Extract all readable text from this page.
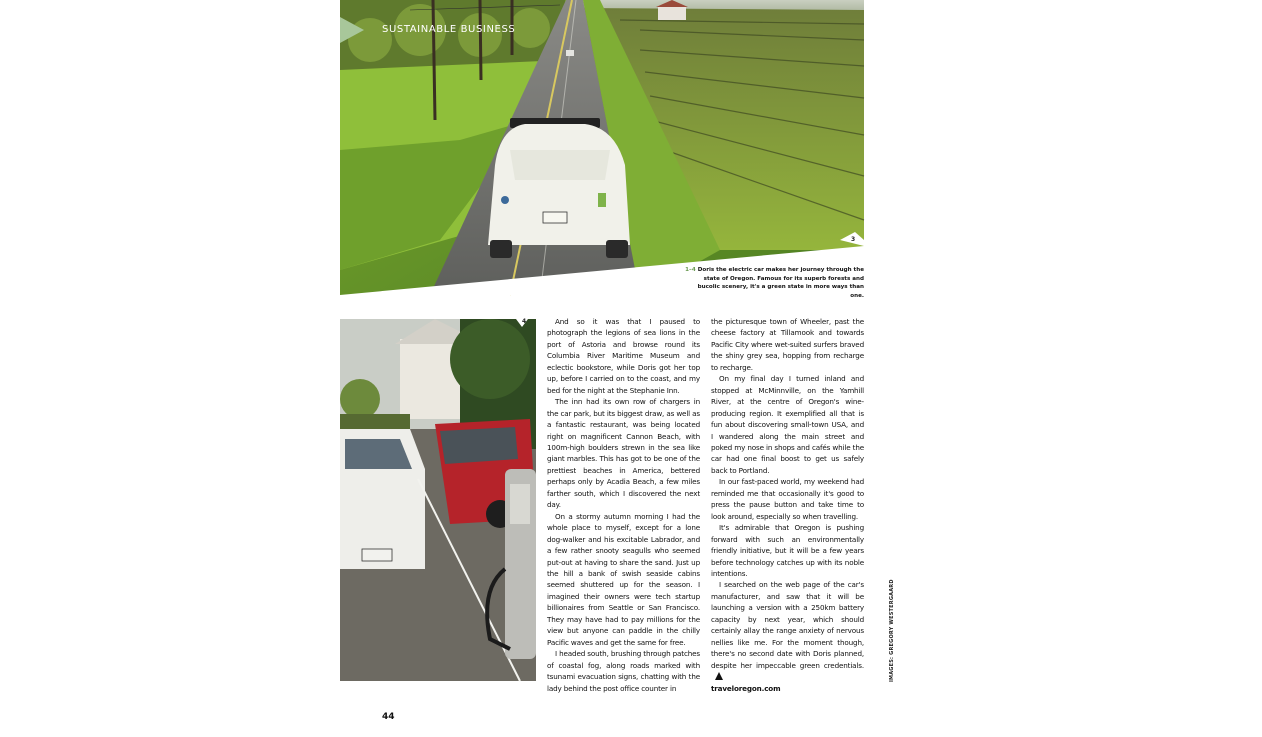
SUSTAINABLE BUSINESS
3
1–4 Doris the electric car makes her journey through the state of Oregon. Famous for its superb forests and bucolic scenery, it's a green state in more ways than one.
4	And so it was that I paused to photograph the legions of sea lions in the port of Astoria and browse round its Columbia River Maritime Museum and eclectic bookstore, while Doris got her top up, before I carried on to the coast, and my bed for the night at the Stephanie Inn.

The inn had its own row of chargers in the car park, but its biggest draw, as well as a fantastic restaurant, was being located right on magnificent Cannon Beach, with 100m-high boulders strewn in the sea like giant marbles. This has got to be one of the prettiest beaches in America, bettered perhaps only by Acadia Beach, a few miles farther south, which I discovered the next day.

On a stormy autumn morning I had the whole place to myself, except for a lone dog-walker and his excitable Labrador, and a few rather snooty seagulls who seemed put-out at having to share the sand. Just up the hill a bank of swish seaside cabins seemed shuttered up for the season. I imagined their owners were tech startup billionaires from Seattle or San Francisco. They may have had to pay millions for the view but anyone can paddle in the chilly Pacific waves and get the same for free.

I headed south, brushing through patches of coastal fog, along roads marked with tsunami evacuation signs, chatting with the lady behind the post office counter in

the picturesque town of Wheeler, past the cheese factory at Tillamook and towards Pacific City where wet-suited surfers braved the shiny grey sea, hopping from recharge to recharge.

On my final day I turned inland and stopped at McMinnville, on the Yamhill River, at the centre of Oregon's wine-producing region. It exemplified all that is fun about discovering small-town USA, and I wandered along the main street and poked my nose in shops and cafés while the car had one final boost to get us safely back to Portland.

In our fast-paced world, my weekend had reminded me that occasionally it's good to press the pause button and take time to look around, especially so when travelling.

It's admirable that Oregon is pushing forward with such an environmentally friendly initiative, but it will be a few years before technology catches up with its noble intentions.

I searched on the web page of the car's manufacturer, and saw that it will be launching a version with a 250km battery capacity by next year, which should certainly allay the range anxiety of nervous nellies like me. For the moment though, there's no second date with Doris planned, despite her impeccable green credentials.

traveloregon.com

IMAGES: GREGORY WESTERGAARD
44
